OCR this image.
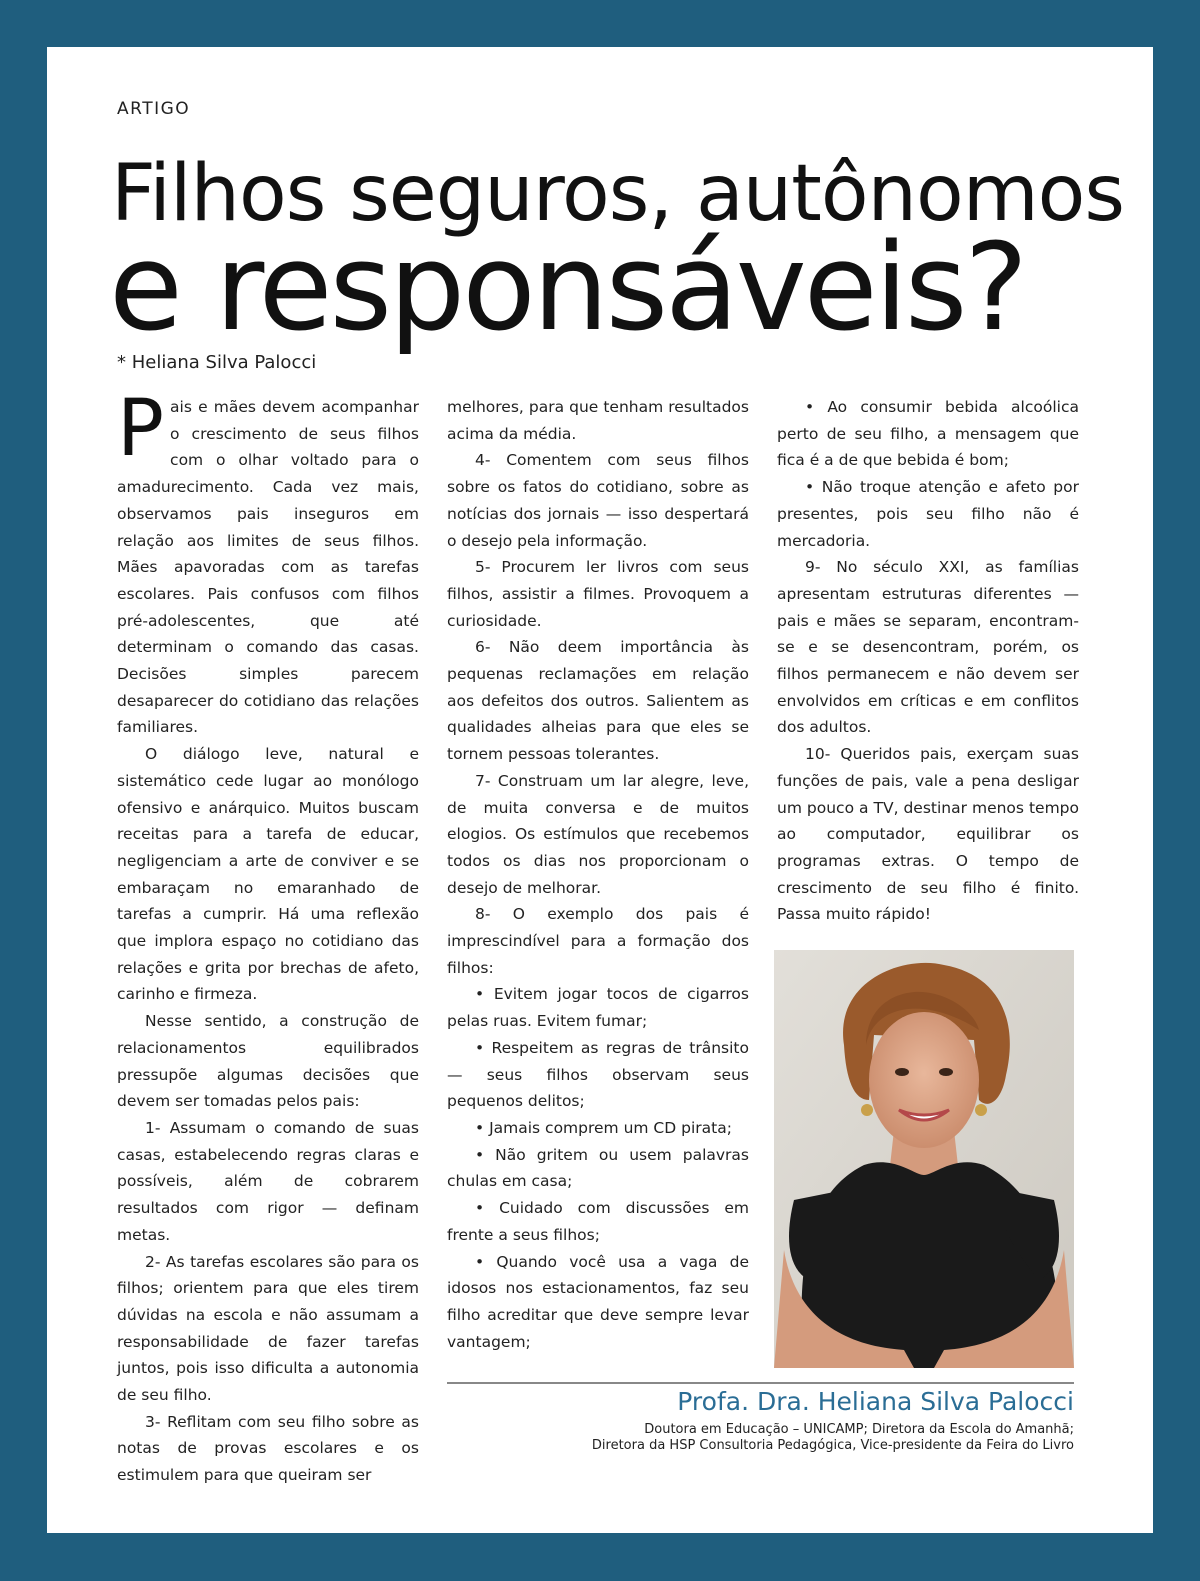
ARTIGO
Filhos seguros, autônomos
e responsáveis?
* Heliana Silva Palocci

Pais e mães devem acompanhar o crescimento de seus filhos com o olhar voltado para o amadurecimento. Cada vez mais, observamos pais inseguros em relação aos limites de seus filhos. Mães apavoradas com as tarefas escolares. Pais confusos com filhos pré-adolescentes, que até determinam o comando das casas. Decisões simples parecem desaparecer do cotidiano das relações familiares.

O diálogo leve, natural e sistemático cede lugar ao monólogo ofensivo e anárquico. Muitos buscam receitas para a tarefa de educar, negligenciam a arte de conviver e se embaraçam no emaranhado de tarefas a cumprir. Há uma reflexão que implora espaço no cotidiano das relações e grita por brechas de afeto, carinho e firmeza.

Nesse sentido, a construção de relacionamentos equilibrados pressupõe algumas decisões que devem ser tomadas pelos pais:

1- Assumam o comando de suas casas, estabelecendo regras claras e possíveis, além de cobrarem resultados com rigor — definam metas.

2- As tarefas escolares são para os filhos; orientem para que eles tirem dúvidas na escola e não assumam a responsabilidade de fazer tarefas juntos, pois isso dificulta a autonomia de seu filho.

3- Reflitam com seu filho sobre as notas de provas escolares e os estimulem para que queiram ser

melhores, para que tenham resultados acima da média.

4- Comentem com seus filhos sobre os fatos do cotidiano, sobre as notícias dos jornais — isso despertará o desejo pela informação.

5- Procurem ler livros com seus filhos, assistir a filmes. Provoquem a curiosidade.

6- Não deem importância às pequenas reclamações em relação aos defeitos dos outros. Salientem as qualidades alheias para que eles se tornem pessoas tolerantes.

7- Construam um lar alegre, leve, de muita conversa e de muitos elogios. Os estímulos que recebemos todos os dias nos proporcionam o desejo de melhorar.

8- O exemplo dos pais é imprescindível para a formação dos filhos:

• Evitem jogar tocos de cigarros pelas ruas. Evitem fumar;

• Respeitem as regras de trânsito — seus filhos observam seus pequenos delitos;

• Jamais comprem um CD pirata;

• Não gritem ou usem palavras chulas em casa;

• Cuidado com discussões em frente a seus filhos;

• Quando você usa a vaga de idosos nos estacionamentos, faz seu filho acreditar que deve sempre levar vantagem;

• Ao consumir bebida alcoólica perto de seu filho, a mensagem que fica é a de que bebida é bom;

• Não troque atenção e afeto por presentes, pois seu filho não é mercadoria.

9- No século XXI, as famílias apresentam estruturas diferentes — pais e mães se separam, encontram-se e se desencontram, porém, os filhos permanecem e não devem ser envolvidos em críticas e em conflitos dos adultos.

10- Queridos pais, exerçam suas funções de pais, vale a pena desligar um pouco a TV, destinar menos tempo ao computador, equilibrar os programas extras. O tempo de crescimento de seu filho é finito. Passa muito rápido!

Profa. Dra. Heliana Silva Palocci
Doutora em Educação – UNICAMP; Diretora da Escola do Amanhã;
Diretora da HSP Consultoria Pedagógica, Vice-presidente da Feira do Livro
